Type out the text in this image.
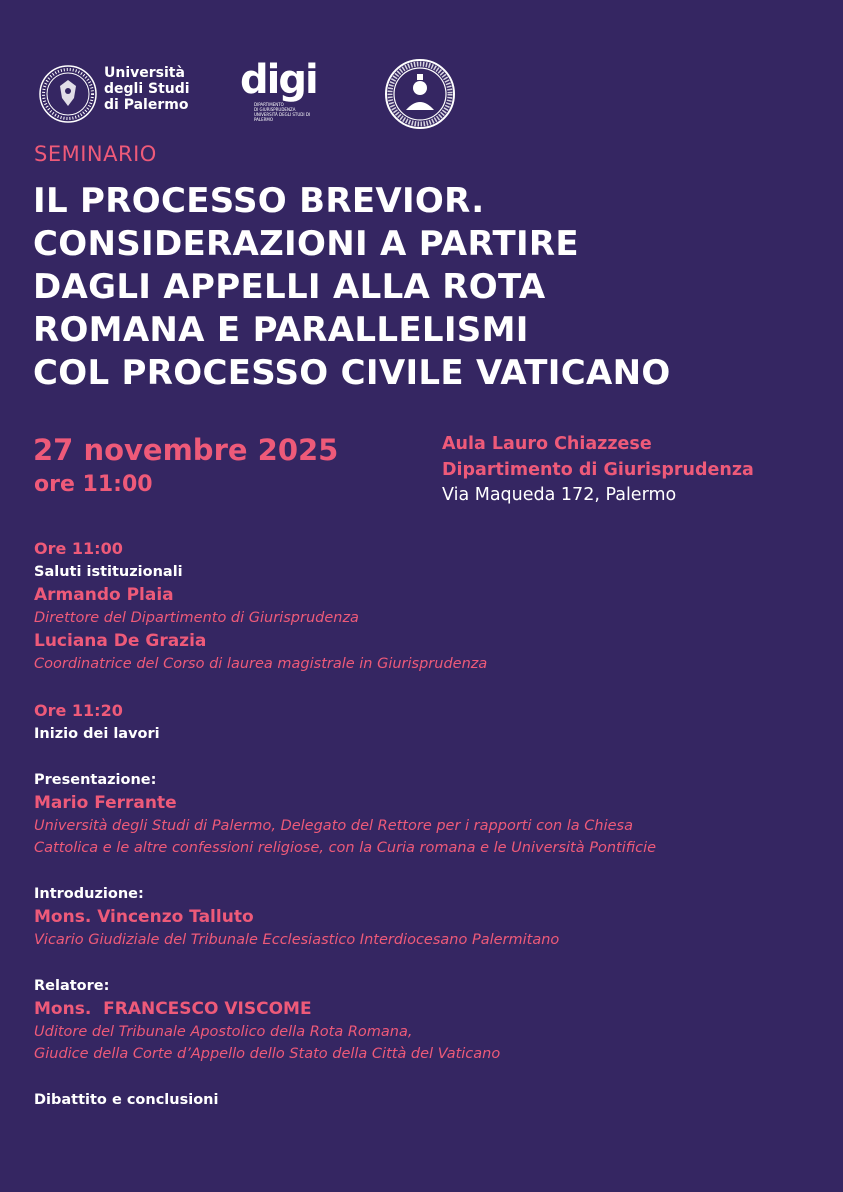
Università
degli Studi
di Palermo
digi
DIPARTIMENTO
DI GIURISPRUDENZA
UNIVERSITÀ DEGLI STUDI DI PALERMO
SEMINARIO
IL PROCESSO BREVIOR.
CONSIDERAZIONI A PARTIRE
DAGLI APPELLI ALLA ROTA
ROMANA E PARALLELISMI
COL PROCESSO CIVILE VATICANO
27 novembre 2025
ore 11:00
Aula Lauro Chiazzese
Dipartimento di Giurisprudenza
Via Maqueda 172, Palermo
Ore 11:00
Saluti istituzionali
Armando Plaia
Direttore del Dipartimento di Giurisprudenza
Luciana De Grazia
Coordinatrice del Corso di laurea magistrale in Giurisprudenza
Ore 11:20
Inizio dei lavori
Presentazione:
Mario Ferrante
Università degli Studi di Palermo, Delegato del Rettore per i rapporti con la Chiesa
Cattolica e le altre confessioni religiose, con la Curia romana e le Università Pontificie
Introduzione:
Mons. Vincenzo Talluto
Vicario Giudiziale del Tribunale Ecclesiastico Interdiocesano Palermitano
Relatore:
Mons.  FRANCESCO VISCOME
Uditore del Tribunale Apostolico della Rota Romana,
Giudice della Corte d’Appello dello Stato della Città del Vaticano
Dibattito e conclusioni
